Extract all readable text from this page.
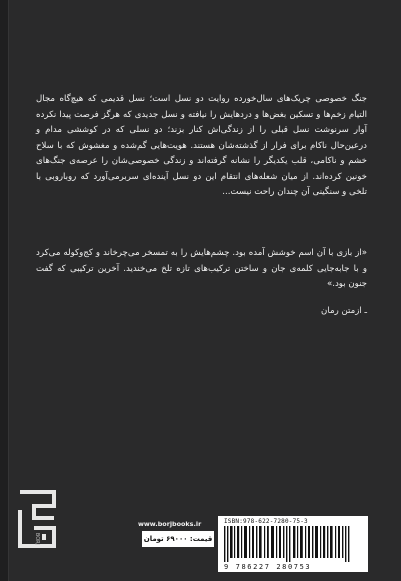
جنگ خصوصی چریک‌های سال‌خورده روایت دو نسل است؛ نسل قدیمی که هیچ‌گاه مجال التیام زخم‌ها و تسکین بغض‌ها و دردهایش را نیافته و نسل جدیدی که هرگز فرصت پیدا نکرده آوار سرنوشت نسل قبلی را از زندگی‌اش کنار بزند؛ دو نسلی که در کوششی مدام و درعین‌حال ناکام برای فرار از گذشته‌شان هستند. هویت‌هایی گم‌شده و مغشوش که با سلاح خشم و ناکامی، قلب یکدیگر را نشانه گرفته‌اند و زندگی خصوصی‌شان را عرصه‌ی جنگ‌های خونین کرده‌اند. از میان شعله‌های انتقام این دو نسل آینده‌ای سربرمی‌آورد که روباروبی با تلخی و سنگینی آن چندان راحت نیست...
«از بازی با آن اسم خوشش آمده بود. چشم‌هایش را به تمسخر می‌چرخاند و کج‌وکوله می‌کرد و با جابه‌جایی کلمه‌ی جان و ساختن ترکیب‌های تازه تلخ می‌خندید. آخرین ترکیبی که گفت جنون بود.»
ـ ازمتن رمان
BORJ
www.borjbooks.ir
قیمت: ۶۹۰۰۰ تومان
ISBN:978-622-7280-75-3
9 786227 280753
